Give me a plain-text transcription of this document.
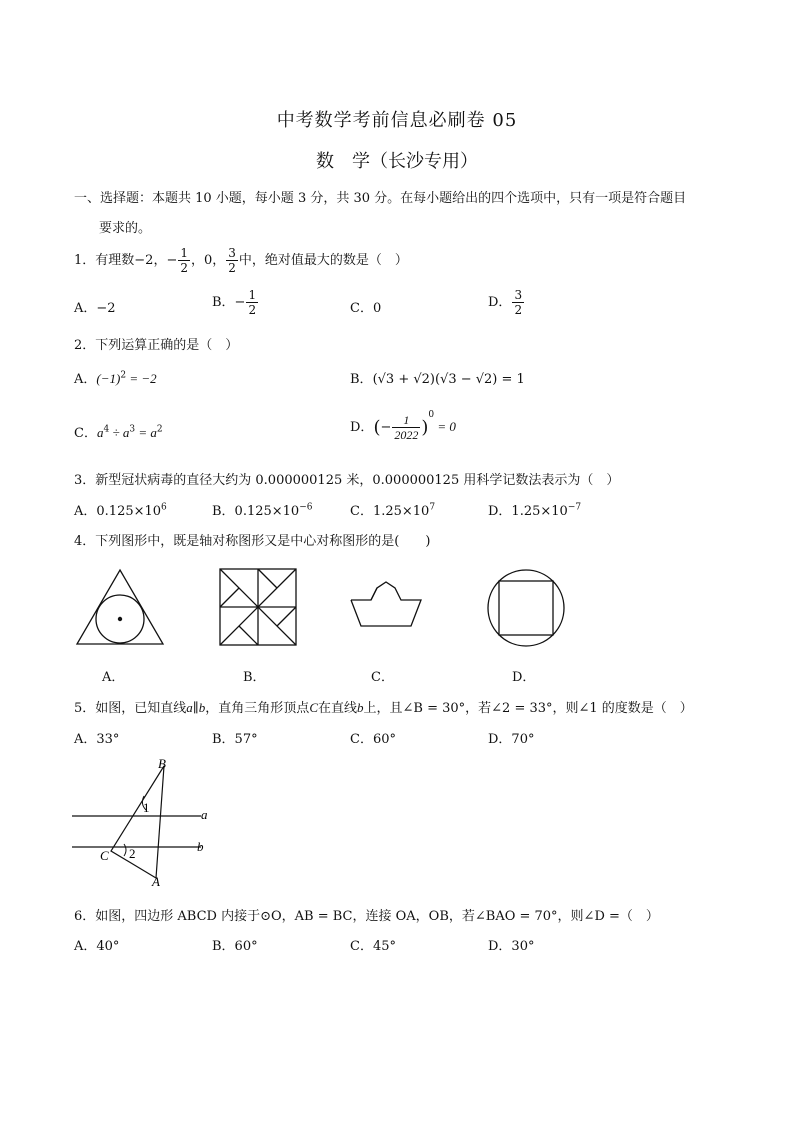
中考数学考前信息必刷卷 05
数　学（长沙专用）
一、选择题：本题共 10 小题，每小题 3 分，共 30 分。在每小题给出的四个选项中，只有一项是符合题目
要求的。
1．有理数−2，− $\frac{1}{2}$ ，0， $\frac{3}{2}$ 中，绝对值最大的数是（　）
A．−2	B．− $\frac{1}{2}$	C．0	D． $\frac{3}{2}$
2．下列运算正确的是（　）
A．$(-1)^2 = -2$	B．(√3 + √2)(√3 − √2) = 1
C．$a^4 \div a^3 = a^2$	D．(− $\frac{1}{2022} )^0 = 0$
3．新型冠状病毒的直径大约为 0.000000125 米，0.000000125 用科学记数法表示为（　）
A．$0.125\times 10^6$	B．$0.125\times 10^{-6}$	C．$1.25\times 10^7$	D．$1.25\times 10^{-7}$
4．下列图形中，既是轴对称图形又是中心对称图形的是(　　)
A．	B．	C．	D．
5．如图，已知直线a∥b，直角三角形顶点C在直线b上，且∠B = 30°，若∠2 = 33°，则∠1 的度数是（　）
A．33°	B．57°	C．60°	D．70°
B
a
b
C
A
1
2
6．如图，四边形 ABCD 内接于⊙O，AB = BC，连接 OA，OB，若∠BAO = 70°，则∠D =（　）
A．40°	B．60°	C．45°	D．30°
